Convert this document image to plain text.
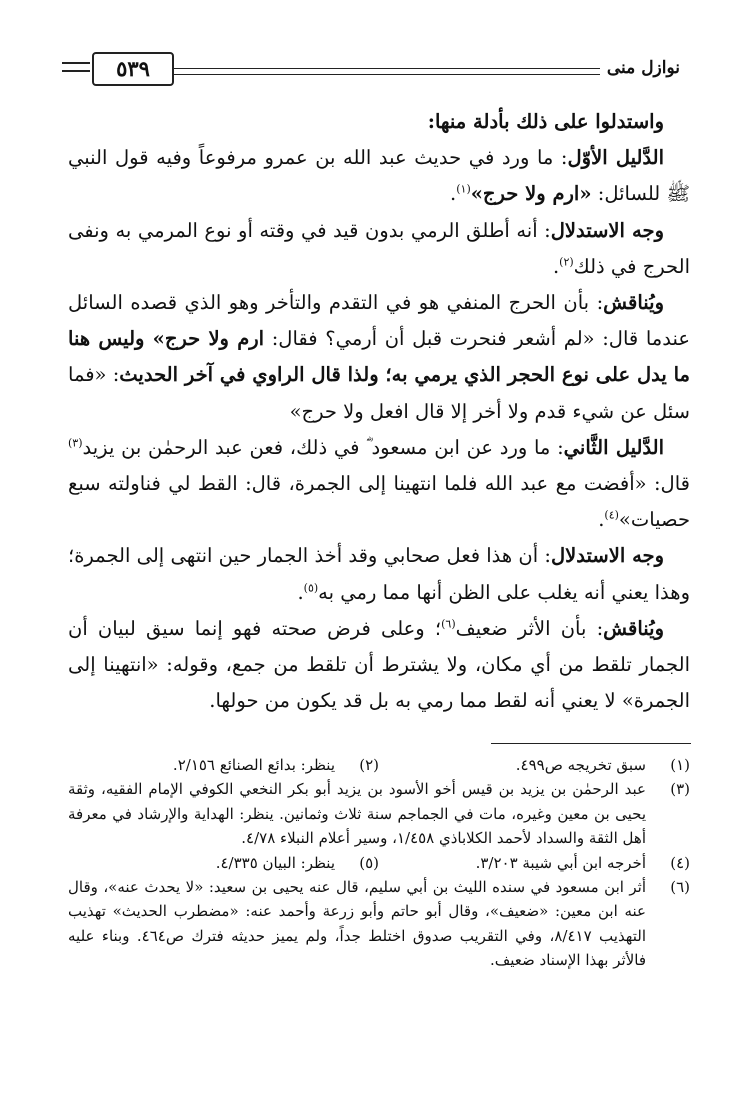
٥٣٩	نوازل منى

واستدلوا على ذلك بأدلة منها:

الدَّليل الأوّل: ما ورد في حديث عبد الله بن عمرو مرفوعاً وفيه قول النبي ﷺ للسائل: «ارم ولا حرج»$^{(١)}$.

وجه الاستدلال: أنه أطلق الرمي بدون قيد في وقته أو نوع المرمي به ونفى الحرج في ذلك$^{(٢)}$.

ويُناقش: بأن الحرج المنفي هو في التقدم والتأخر وهو الذي قصده السائل عندما قال: «لم أشعر فنحرت قبل أن أرمي؟ فقال: ارم ولا حرج» وليس هنا ما يدل على نوع الحجر الذي يرمي به؛ ولذا قال الراوي في آخر الحديث: «فما سئل عن شيء قدم ولا أخر إلا قال افعل ولا حرج»

الدَّليل الثَّاني: ما ورد عن ابن مسعود ؓ في ذلك، فعن عبد الرحمٰن بن يزيد$^{(٣)}$ قال: «أفضت مع عبد الله فلما انتهينا إلى الجمرة، قال: القط لي فناولته سبع حصيات»$^{(٤)}$.

وجه الاستدلال: أن هذا فعل صحابي وقد أخذ الجمار حين انتهى إلى الجمرة؛ وهذا يعني أنه يغلب على الظن أنها مما رمي به$^{(٥)}$.

ويُناقش: بأن الأثر ضعيف$^{(٦)}$؛ وعلى فرض صحته فهو إنما سيق لبيان أن الجمار تلقط من أي مكان، ولا يشترط أن تلقط من جمع، وقوله: «انتهينا إلى الجمرة» لا يعني أنه لقط مما رمي به بل قد يكون من حولها.

(١)
سبق تخريجه ص٤٩٩.
(٢)
ينظر: بدائع الصنائع ٢/١٥٦.
(٣)
عبد الرحمٰن بن يزيد بن قيس أخو الأسود بن يزيد أبو بكر النخعي الكوفي الإمام الفقيه، وثقة يحيى بن معين وغيره، مات في الجماجم سنة ثلاث وثمانين. ينظر: الهداية والإرشاد في معرفة أهل الثقة والسداد لأحمد الكلاباذي ١/٤٥٨، وسير أعلام النبلاء ٤/٧٨.
(٤)
أخرجه ابن أبي شيبة ٣/٢٠٣.
(٥)
ينظر: البيان ٤/٣٣٥.
(٦)
أثر ابن مسعود في سنده الليث بن أبي سليم، قال عنه يحيى بن سعيد: «لا يحدث عنه»، وقال عنه ابن معين: «ضعيف»، وقال أبو حاتم وأبو زرعة وأحمد عنه: «مضطرب الحديث» تهذيب التهذيب ٨/٤١٧، وفي التقريب صدوق اختلط جداً، ولم يميز حديثه فترك ص٤٦٤. وبناء عليه فالأثر بهذا الإسناد ضعيف.
